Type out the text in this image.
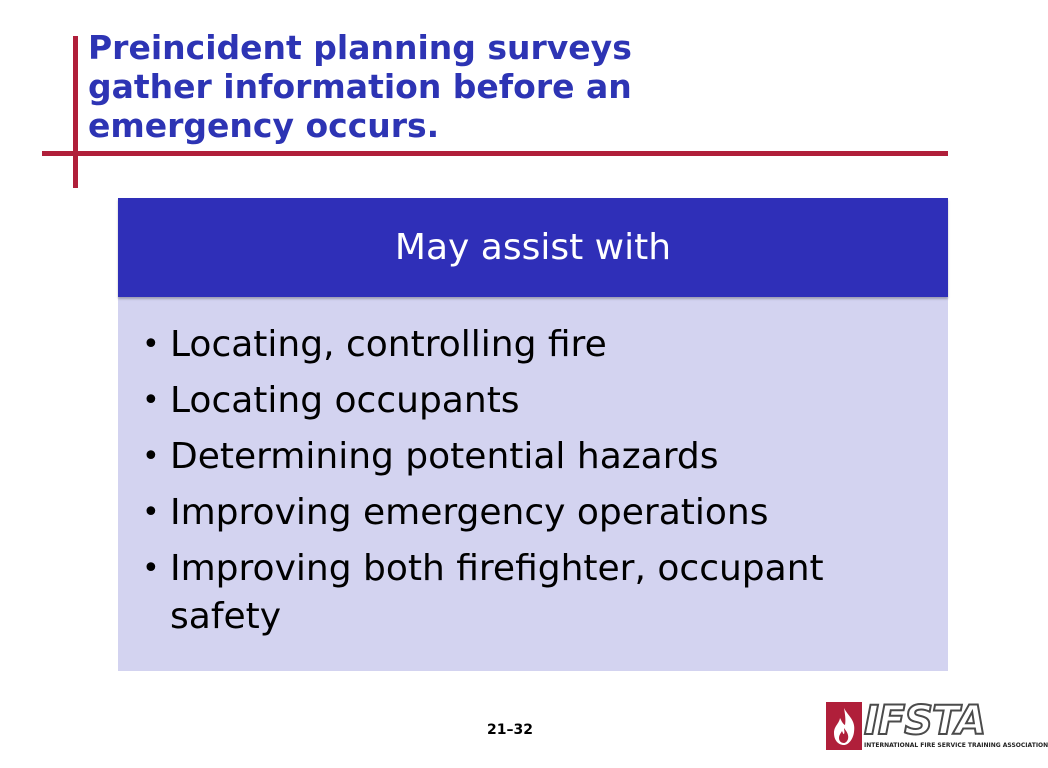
Preincident planning surveys gather information before an emergency occurs.
May assist with
• Locating, controlling fire
• Locating occupants
• Determining potential hazards
• Improving emergency operations
• Improving both firefighter, occupant safety
21–32	IFSTA
INTERNATIONAL FIRE SERVICE TRAINING ASSOCIATION
